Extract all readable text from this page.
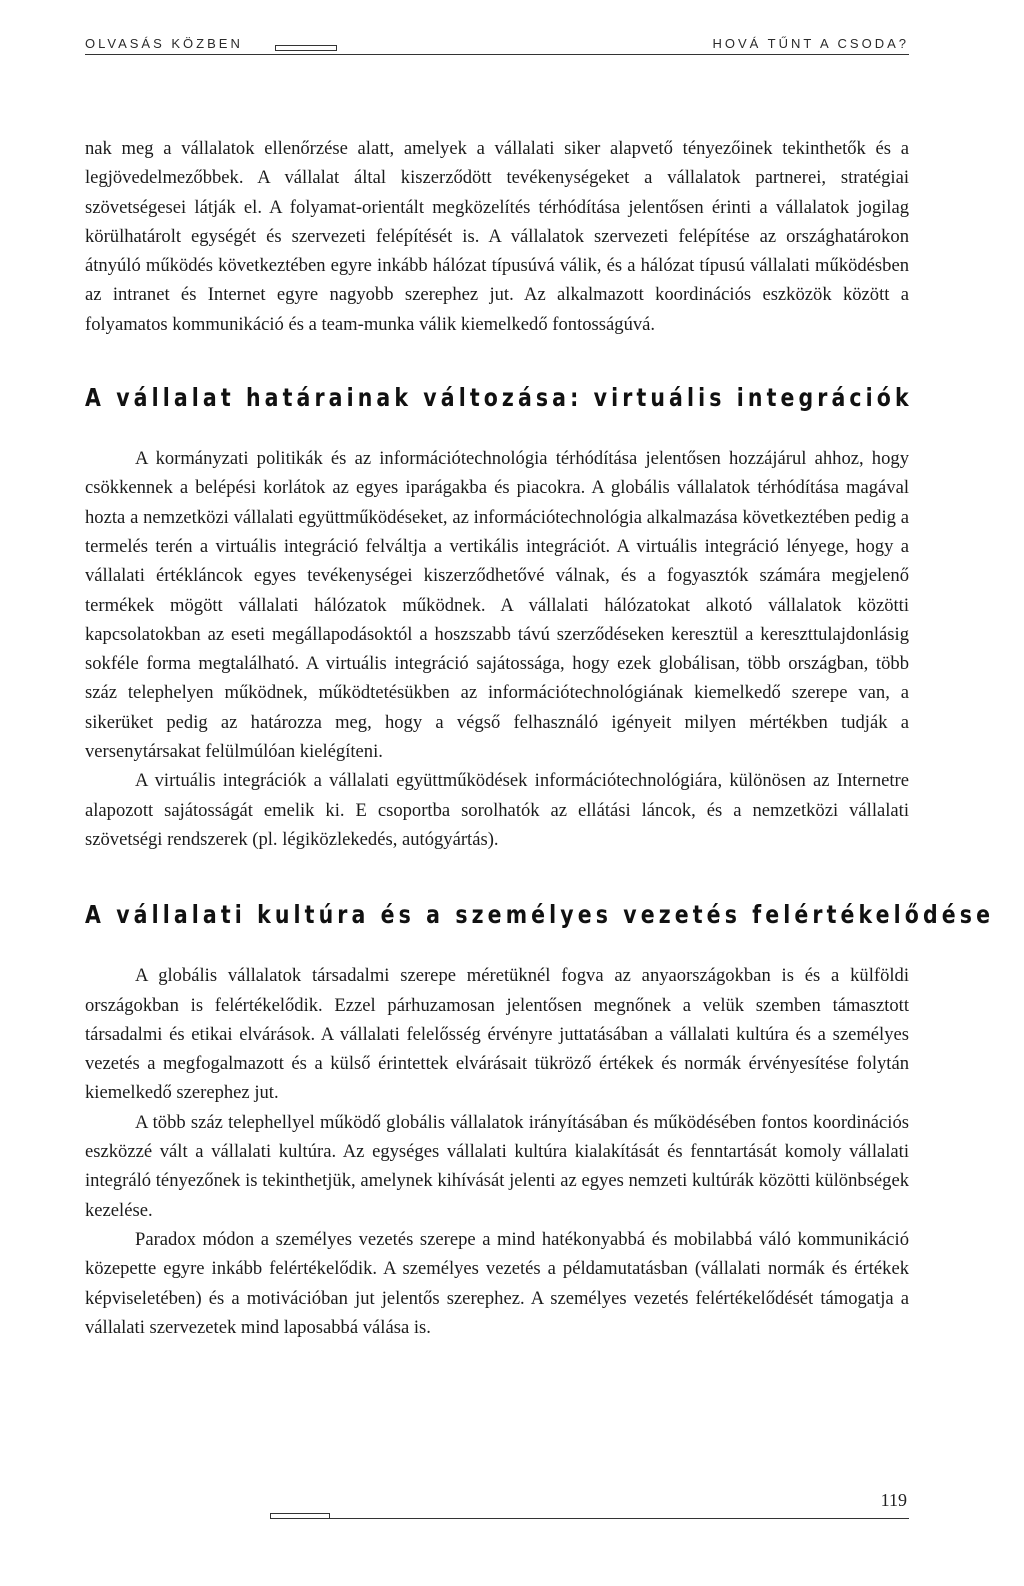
OLVASÁS KÖZBEN	HOVÁ TŰNT A CSODA?

nak meg a vállalatok ellenőrzése alatt, amelyek a vállalati siker alapvető tényezőinek tekinthetők és a legjövedelmezőbbek. A vállalat által kiszerződött tevékenységeket a vállalatok partnerei, stratégiai szövetségesei látják el. A folyamat-orientált megközelítés térhódítása jelentősen érinti a vállalatok jogilag körülhatárolt egységét és szervezeti felépítését is. A vállalatok szervezeti felépítése az országhatárokon átnyúló működés következtében egyre inkább hálózat típusúvá válik, és a hálózat típusú vállalati működésben az intranet és Internet egyre nagyobb szerephez jut. Az alkalmazott koordinációs eszközök között a folyamatos kommunikáció és a team-munka válik kiemelkedő fontosságúvá.

A vállalat határainak változása: virtuális integrációk

A kormányzati politikák és az információtechnológia térhódítása jelentősen hozzájárul ahhoz, hogy csökkennek a belépési korlátok az egyes iparágakba és piacokra. A globális vállalatok térhódítása magával hozta a nemzetközi vállalati együttműködéseket, az információtechnológia alkalmazása következtében pedig a termelés terén a virtuális integráció felváltja a vertikális integrációt. A virtuális integráció lényege, hogy a vállalati értékláncok egyes tevékenységei kiszerződhetővé válnak, és a fogyasztók számára megjelenő termékek mögött vállalati hálózatok működnek. A vállalati hálózatokat alkotó vállalatok közötti kapcsolatokban az eseti megállapodásoktól a hoszszabb távú szerződéseken keresztül a kereszttulajdonlásig sokféle forma megtalálható. A virtuális integráció sajátossága, hogy ezek globálisan, több országban, több száz telephelyen működnek, működtetésükben az információtechnológiának kiemelkedő szerepe van, a sikerüket pedig az határozza meg, hogy a végső felhasználó igényeit milyen mértékben tudják a versenytársakat felülmúlóan kielégíteni.

A virtuális integrációk a vállalati együttműködések információtechnológiára, különösen az Internetre alapozott sajátosságát emelik ki. E csoportba sorolhatók az ellátási láncok, és a nemzetközi vállalati szövetségi rendszerek (pl. légiközlekedés, autógyártás).

A vállalati kultúra és a személyes vezetés felértékelődése

A globális vállalatok társadalmi szerepe méretüknél fogva az anyaországokban is és a külföldi országokban is felértékelődik. Ezzel párhuzamosan jelentősen megnőnek a velük szemben támasztott társadalmi és etikai elvárások. A vállalati felelősség érvényre juttatásában a vállalati kultúra és a személyes vezetés a megfogalmazott és a külső érintettek elvárásait tükröző értékek és normák érvényesítése folytán kiemelkedő szerephez jut.

A több száz telephellyel működő globális vállalatok irányításában és működésében fontos koordinációs eszközzé vált a vállalati kultúra. Az egységes vállalati kultúra kialakítását és fenntartását komoly vállalati integráló tényezőnek is tekinthetjük, amelynek kihívását jelenti az egyes nemzeti kultúrák közötti különbségek kezelése.

Paradox módon a személyes vezetés szerepe a mind hatékonyabbá és mobilabbá váló kommunikáció közepette egyre inkább felértékelődik. A személyes vezetés a példamutatásban (vállalati normák és értékek képviseletében) és a motivációban jut jelentős szerephez. A személyes vezetés felértékelődését támogatja a vállalati szervezetek mind laposabbá válása is.

119
